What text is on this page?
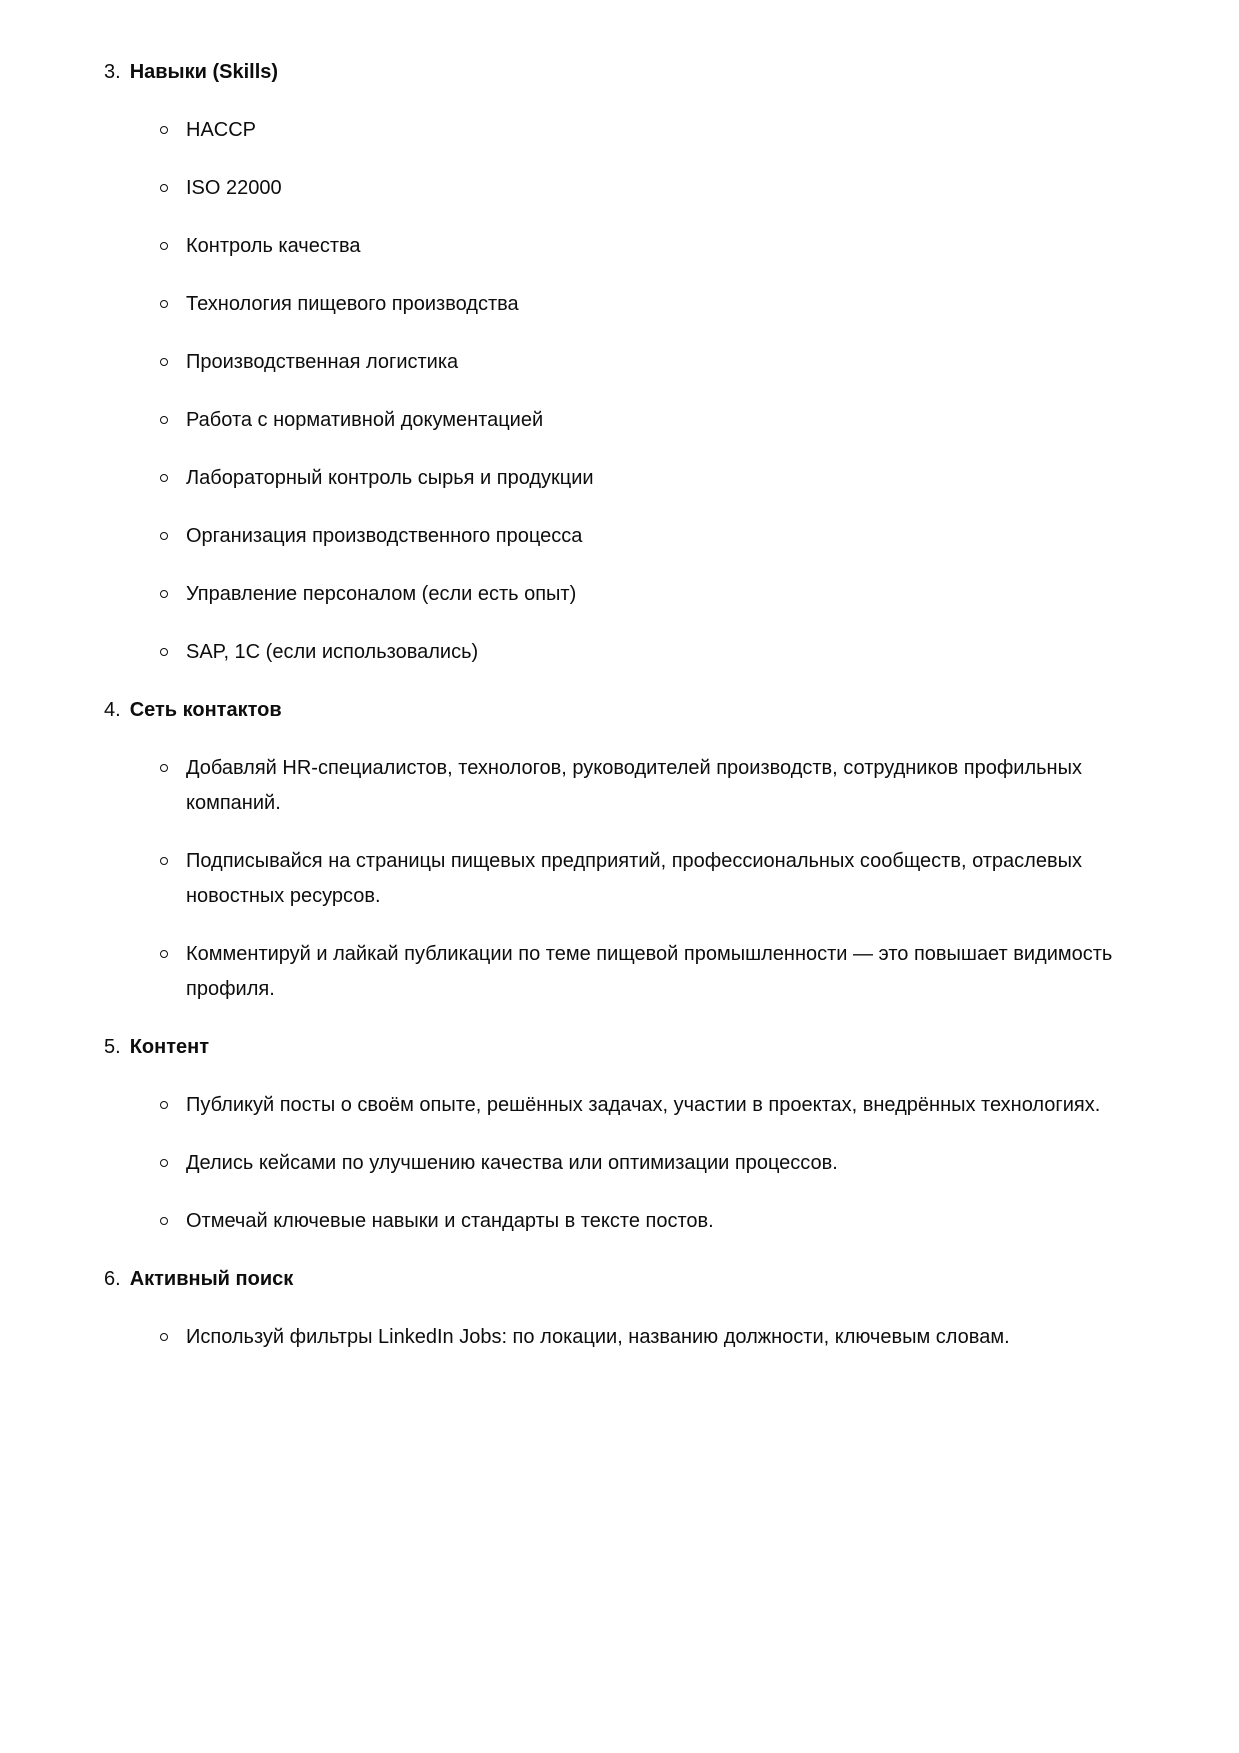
3. Навыки (Skills)
HACCP
ISO 22000
Контроль качества
Технология пищевого производства
Производственная логистика
Работа с нормативной документацией
Лабораторный контроль сырья и продукции
Организация производственного процесса
Управление персоналом (если есть опыт)
SAP, 1С (если использовались)
4. Сеть контактов
Добавляй HR-специалистов, технологов, руководителей производств, сотрудников профильных компаний.
Подписывайся на страницы пищевых предприятий, профессиональных сообществ, отраслевых новостных ресурсов.
Комментируй и лайкай публикации по теме пищевой промышленности — это повышает видимость профиля.
5. Контент
Публикуй посты о своём опыте, решённых задачах, участии в проектах, внедрённых технологиях.
Делись кейсами по улучшению качества или оптимизации процессов.
Отмечай ключевые навыки и стандарты в тексте постов.
6. Активный поиск
Используй фильтры LinkedIn Jobs: по локации, названию должности, ключевым словам.
